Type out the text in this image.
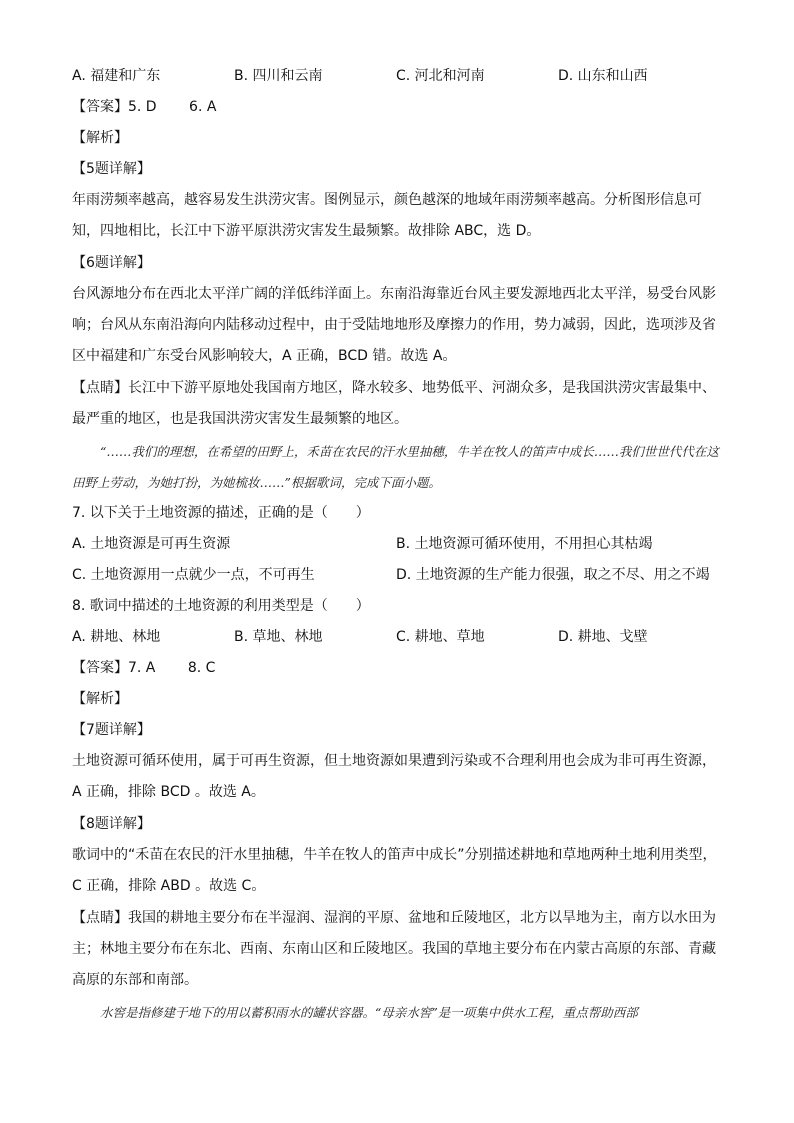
A. 福建和广东	B. 四川和云南	C. 河北和河南	D. 山东和山西
【答案】5. D　　 6. A
【解析】
【5题详解】
年雨涝频率越高，越容易发生洪涝灾害。图例显示，颜色越深的地域年雨涝频率越高。分析图形信息可知，四地相比，长江中下游平原洪涝灾害发生最频繁。故排除 ABC，选 D。
【6题详解】
台风源地分布在西北太平洋广阔的洋低纬洋面上。东南沿海靠近台风主要发源地西北太平洋，易受台风影响；台风从东南沿海向内陆移动过程中，由于受陆地地形及摩擦力的作用，势力减弱，因此，选项涉及省区中福建和广东受台风影响较大，A 正确，BCD 错。故选 A。
【点睛】长江中下游平原地处我国南方地区，降水较多、地势低平、河湖众多，是我国洪涝灾害最集中、最严重的地区，也是我国洪涝灾害发生最频繁的地区。
“……我们的理想，在希望的田野上，禾苗在农民的汗水里抽穗，牛羊在牧人的笛声中成长……我们世世代代在这田野上劳动，为她打扮，为她梳妆……”根据歌词，完成下面小题。
7. 以下关于土地资源的描述，正确的是（　　）
A. 土地资源是可再生资源	B. 土地资源可循环使用，不用担心其枯竭
C. 土地资源用一点就少一点，不可再生	D. 土地资源的生产能力很强，取之不尽、用之不竭
8. 歌词中描述的土地资源的利用类型是（　　）
A. 耕地、林地	B. 草地、林地	C. 耕地、草地	D. 耕地、戈壁
【答案】7. A　　 8. C
【解析】
【7题详解】
土地资源可循环使用，属于可再生资源，但土地资源如果遭到污染或不合理利用也会成为非可再生资源，A 正确，排除 BCD 。故选 A。
【8题详解】
歌词中的“禾苗在农民的汗水里抽穗，牛羊在牧人的笛声中成长”分别描述耕地和草地两种土地利用类型，C 正确，排除 ABD 。故选 C。
【点睛】我国的耕地主要分布在半湿润、湿润的平原、盆地和丘陵地区，北方以旱地为主，南方以水田为主；林地主要分布在东北、西南、东南山区和丘陵地区。我国的草地主要分布在内蒙古高原的东部、青藏高原的东部和南部。
水窖是指修建于地下的用以蓄积雨水的罐状容器。“母亲水窖”是一项集中供水工程，重点帮助西部
